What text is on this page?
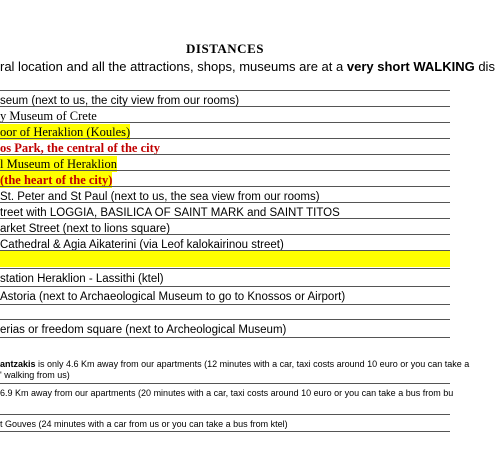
DISTANCES
ral location and all the attractions, shops, museums are at a very short WALKING dis
seum (next to us, the city view from our rooms)
y Museum of Crete
oor of Heraklion (Koules)
os Park, the central of the city
l Museum of Heraklion
(the heart of the city)
St. Peter and St Paul (next to us, the sea view from our rooms)
treet with LOGGIA, BASILICA OF SAINT MARK and SAINT TITOS
arket Street (next to lions square)
Cathedral & Agia Aikaterini (via Leof kalokairinou street)
station Heraklion - Lassithi (ktel)
Astoria (next to Archaeological Museum to go to Knossos or Airport)
erias or freedom square (next to Archeological Museum)
antzakis is only 4.6 Km away from our apartments (12 minutes with a car, taxi costs around 10 euro or you can take a
' walking from us)
6.9 Km away from our apartments (20 minutes with a car, taxi costs around 10 euro or you can take a bus from bu
t Gouves (24 minutes with a car from us or you can take a bus from ktel)
